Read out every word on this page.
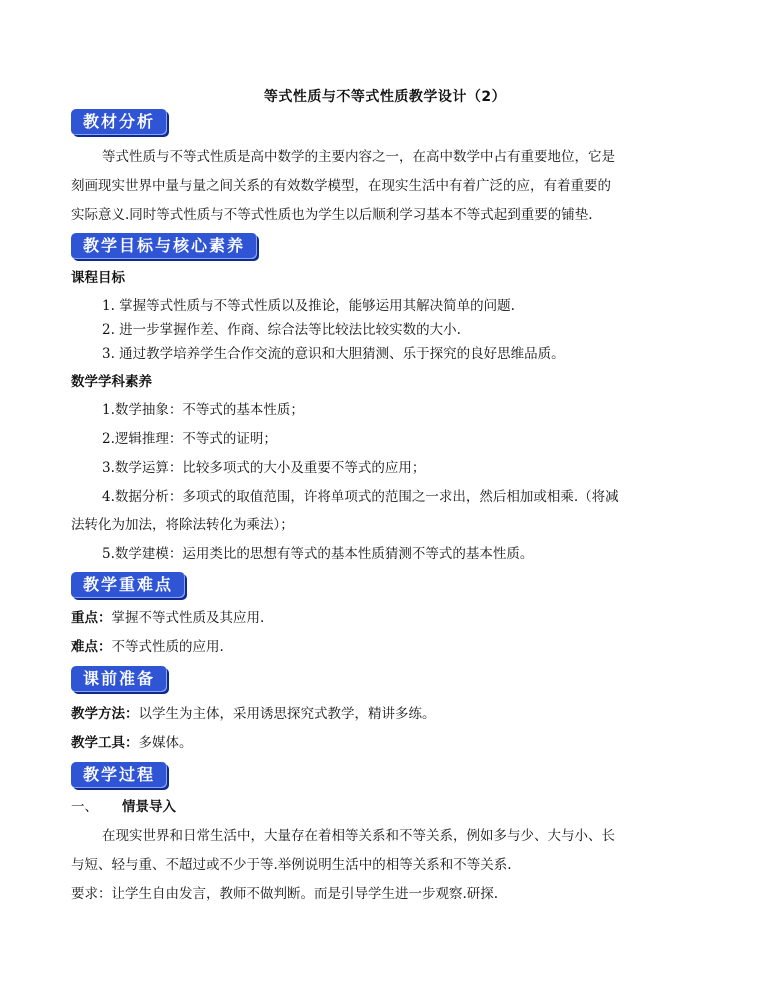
等式性质与不等式性质教学设计（2）
教材分析
等式性质与不等式性质是高中数学的主要内容之一，在高中数学中占有重要地位，它是
刻画现实世界中量与量之间关系的有效数学模型，在现实生活中有着广泛的应，有着重要的
实际意义.同时等式性质与不等式性质也为学生以后顺利学习基本不等式起到重要的铺垫.
教学目标与核心素养
课程目标
1. 掌握等式性质与不等式性质以及推论，能够运用其解决简单的问题.
2. 进一步掌握作差、作商、综合法等比较法比较实数的大小.
3. 通过教学培养学生合作交流的意识和大胆猜测、乐于探究的良好思维品质。
数学学科素养
1.数学抽象：不等式的基本性质；
2.逻辑推理：不等式的证明；
3.数学运算：比较多项式的大小及重要不等式的应用；
4.数据分析：多项式的取值范围，许将单项式的范围之一求出，然后相加或相乘.（将减
法转化为加法，将除法转化为乘法）；
5.数学建模：运用类比的思想有等式的基本性质猜测不等式的基本性质。
教学重难点
重点：掌握不等式性质及其应用.
难点：不等式性质的应用.
课前准备
教学方法：以学生为主体，采用诱思探究式教学，精讲多练。
教学工具：多媒体。
教学过程
一、 情景导入
在现实世界和日常生活中，大量存在着相等关系和不等关系，例如多与少、大与小、长
与短、轻与重、不超过或不少于等.举例说明生活中的相等关系和不等关系.
要求：让学生自由发言，教师不做判断。而是引导学生进一步观察.研探.
